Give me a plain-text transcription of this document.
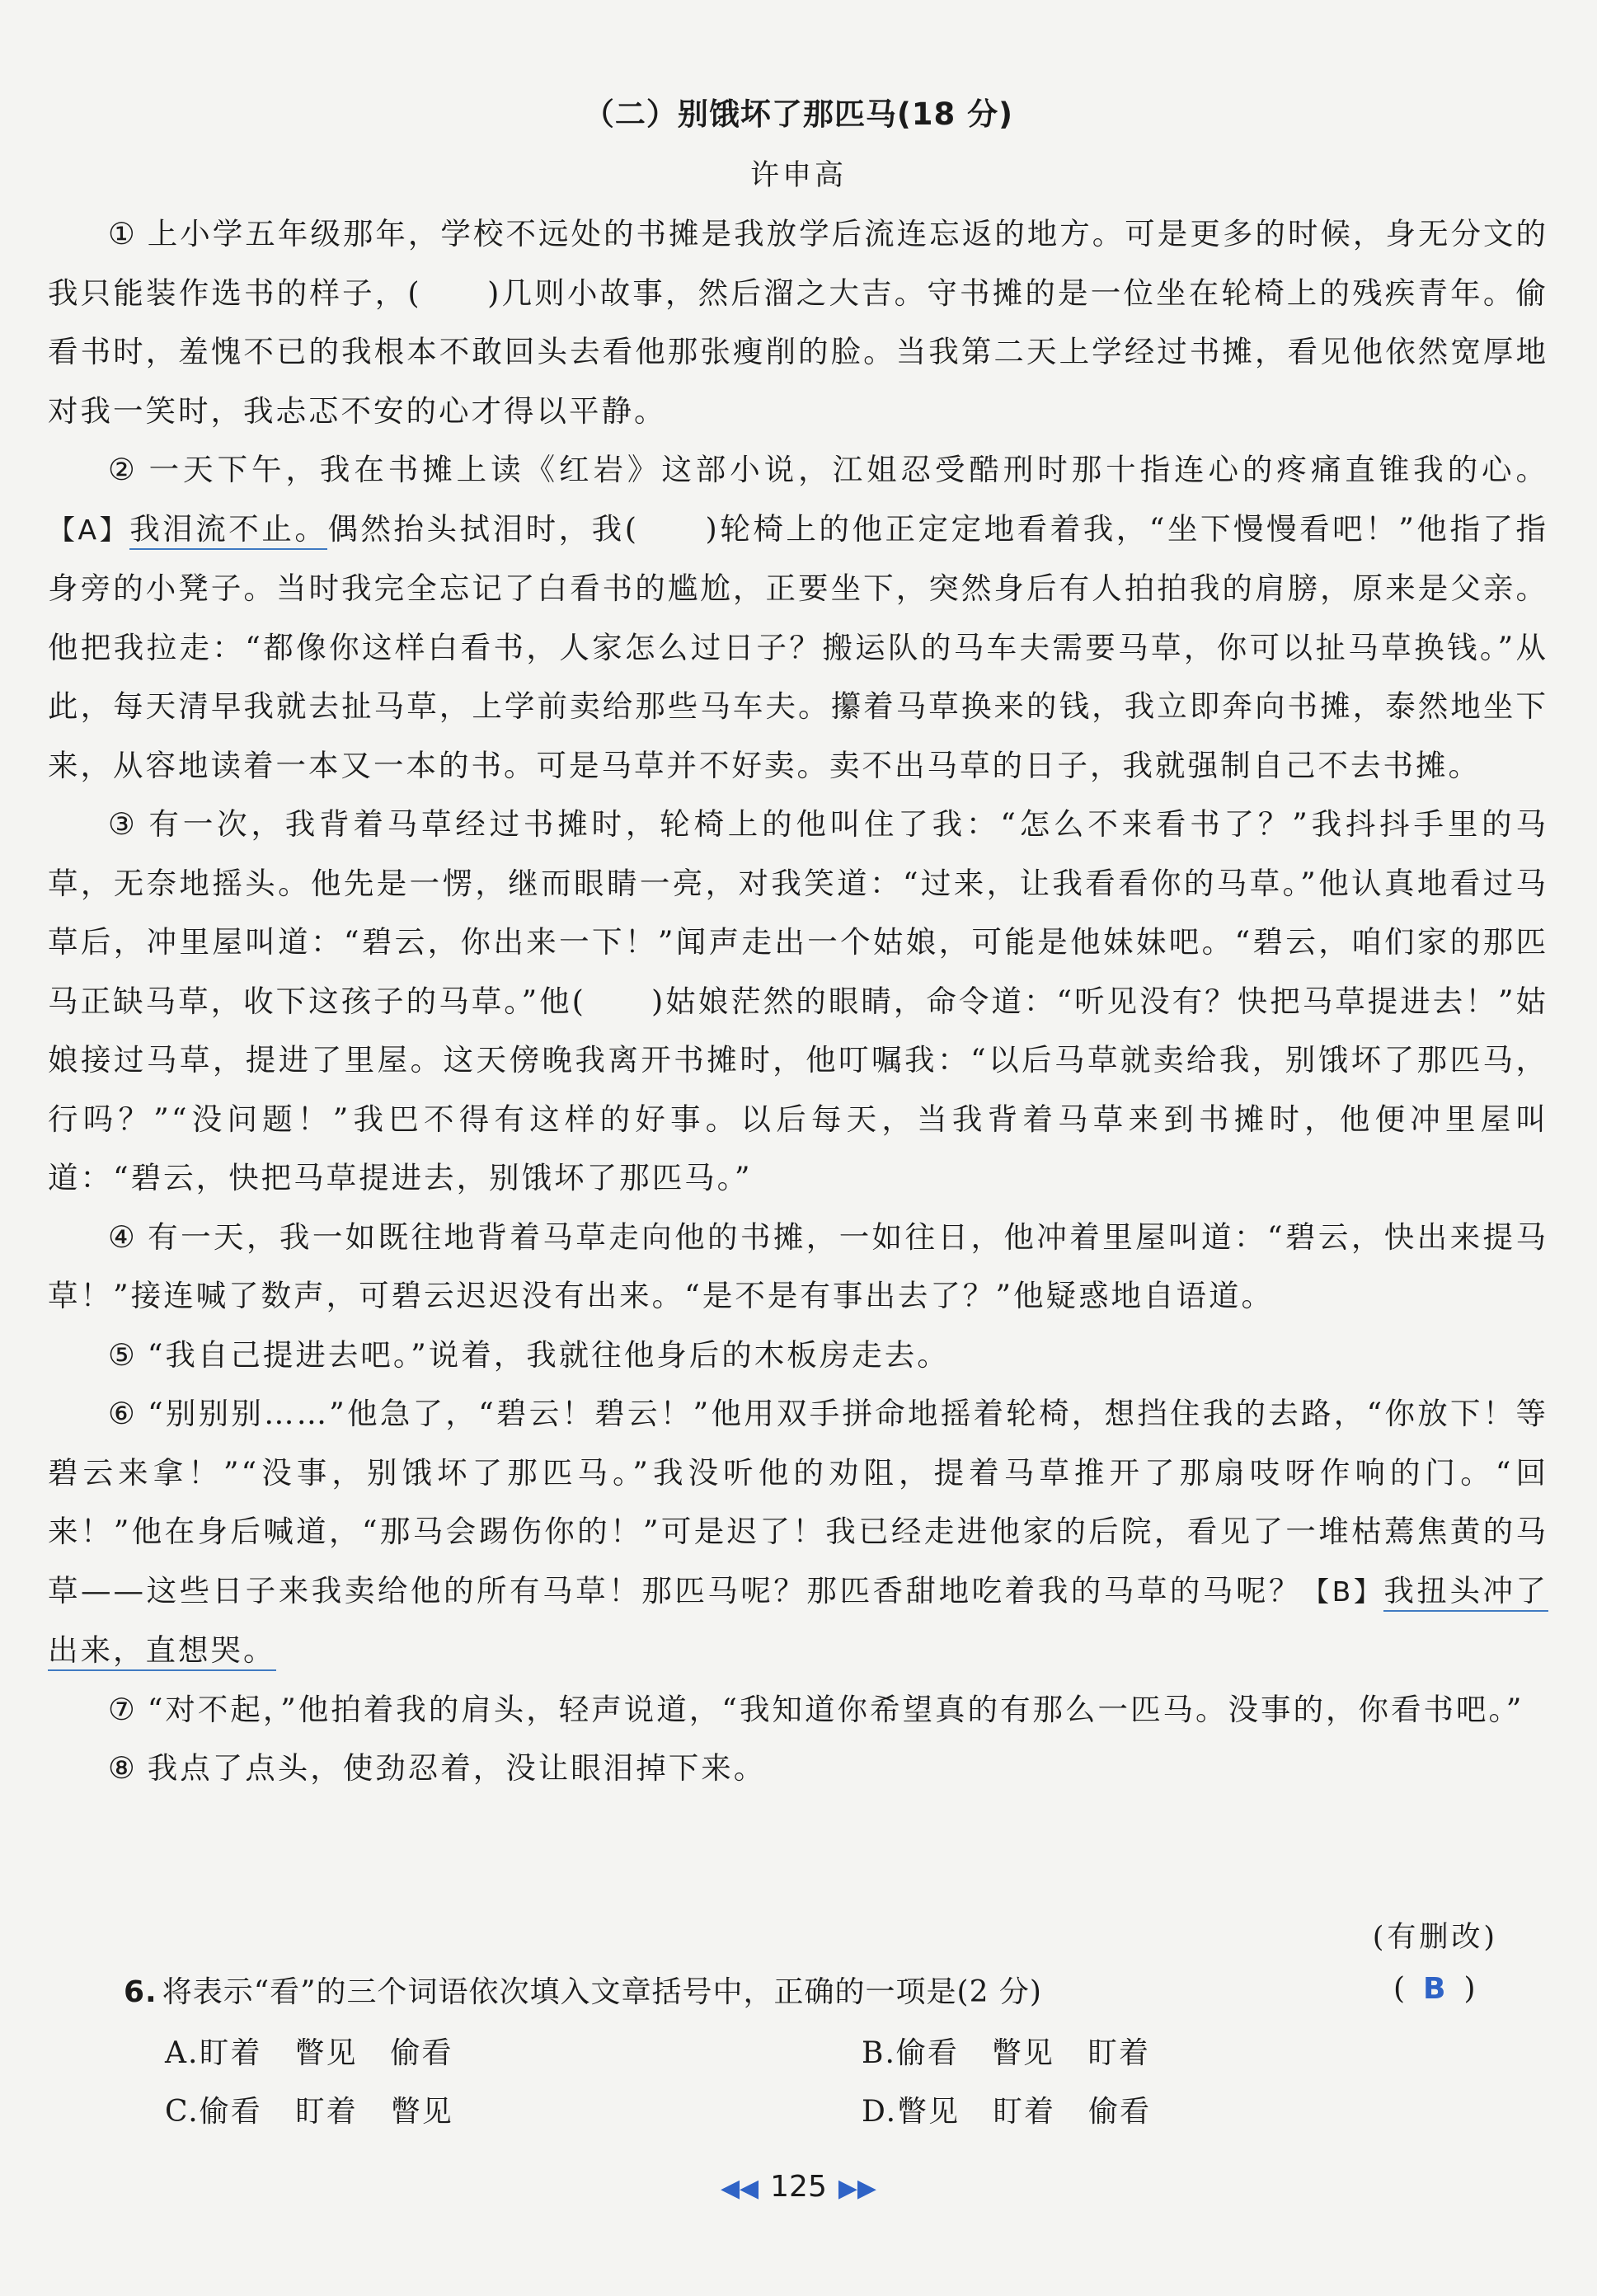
（二）别饿坏了那匹马(18 分)
许申高

① 上小学五年级那年，学校不远处的书摊是我放学后流连忘返的地方。可是更多的时候，身无分文的我只能装作选书的样子，(　　)几则小故事，然后溜之大吉。守书摊的是一位坐在轮椅上的残疾青年。偷看书时，羞愧不已的我根本不敢回头去看他那张瘦削的脸。当我第二天上学经过书摊，看见他依然宽厚地对我一笑时，我忐忑不安的心才得以平静。

② 一天下午，我在书摊上读《红岩》这部小说，江姐忍受酷刑时那十指连心的疼痛直锥我的心。【A】我泪流不止。偶然抬头拭泪时，我(　　)轮椅上的他正定定地看着我，“坐下慢慢看吧！”他指了指身旁的小凳子。当时我完全忘记了白看书的尴尬，正要坐下，突然身后有人拍拍我的肩膀，原来是父亲。他把我拉走：“都像你这样白看书，人家怎么过日子？搬运队的马车夫需要马草，你可以扯马草换钱。”从此，每天清早我就去扯马草，上学前卖给那些马车夫。攥着马草换来的钱，我立即奔向书摊，泰然地坐下来，从容地读着一本又一本的书。可是马草并不好卖。卖不出马草的日子，我就强制自己不去书摊。

③ 有一次，我背着马草经过书摊时，轮椅上的他叫住了我：“怎么不来看书了？”我抖抖手里的马草，无奈地摇头。他先是一愣，继而眼睛一亮，对我笑道：“过来，让我看看你的马草。”他认真地看过马草后，冲里屋叫道：“碧云，你出来一下！”闻声走出一个姑娘，可能是他妹妹吧。“碧云，咱们家的那匹马正缺马草，收下这孩子的马草。”他(　　)姑娘茫然的眼睛，命令道：“听见没有？快把马草提进去！”姑娘接过马草，提进了里屋。这天傍晚我离开书摊时，他叮嘱我：“以后马草就卖给我，别饿坏了那匹马，行吗？”“没问题！”我巴不得有这样的好事。以后每天，当我背着马草来到书摊时，他便冲里屋叫道：“碧云，快把马草提进去，别饿坏了那匹马。”

④ 有一天，我一如既往地背着马草走向他的书摊，一如往日，他冲着里屋叫道：“碧云，快出来提马草！”接连喊了数声，可碧云迟迟没有出来。“是不是有事出去了？”他疑惑地自语道。

⑤ “我自己提进去吧。”说着，我就往他身后的木板房走去。

⑥ “别别别……”他急了，“碧云！碧云！”他用双手拼命地摇着轮椅，想挡住我的去路，“你放下！等碧云来拿！”“没事，别饿坏了那匹马。”我没听他的劝阻，提着马草推开了那扇吱呀作响的门。“回来！”他在身后喊道，“那马会踢伤你的！”可是迟了！我已经走进他家的后院，看见了一堆枯蔫焦黄的马草——这些日子来我卖给他的所有马草！那匹马呢？那匹香甜地吃着我的马草的马呢？【B】我扭头冲了出来，直想哭。

⑦ “对不起，”他拍着我的肩头，轻声说道，“我知道你希望真的有那么一匹马。没事的，你看书吧。”

⑧ 我点了点头，使劲忍着，没让眼泪掉下来。

(有删改)
6. 将表示“看”的三个词语依次填入文章括号中，正确的一项是(2 分)	( B )
A.盯着 瞥见 偷看	B.偷看 瞥见 盯着
C.偷看 盯着 瞥见	D.瞥见 盯着 偷看
◀◀ 125 ▶▶
